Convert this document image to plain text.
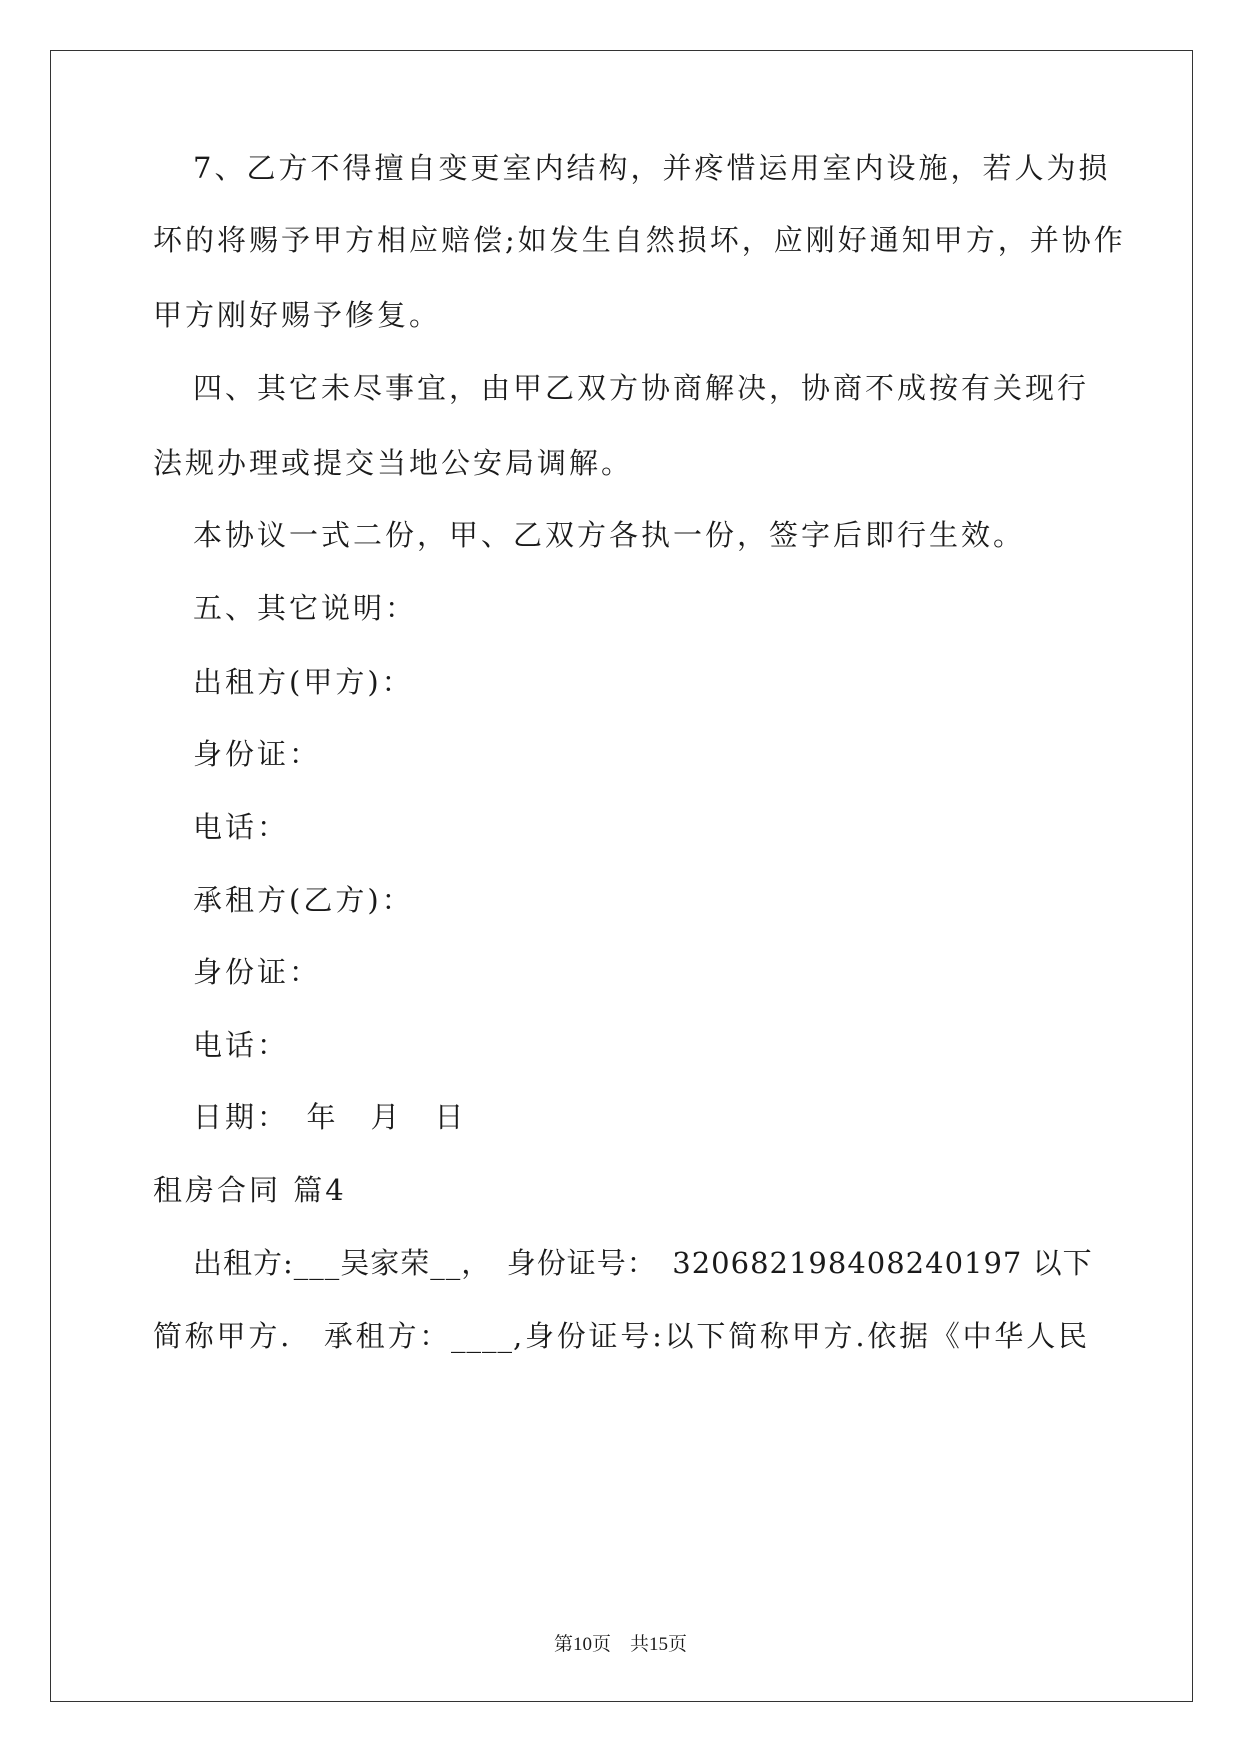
7、乙方不得擅自变更室内结构，并疼惜运用室内设施，若人为损
坏的将赐予甲方相应赔偿;如发生自然损坏，应刚好通知甲方，并协作
甲方刚好赐予修复。
四、其它未尽事宜，由甲乙双方协商解决，协商不成按有关现行
法规办理或提交当地公安局调解。
本协议一式二份，甲、乙双方各执一份，签字后即行生效。
五、其它说明：
出租方(甲方)：
身份证：
电话：
承租方(乙方)：
身份证：
电话：
日期：　年　月　日
租房合同 篇4
出租方:___吴家荣__，　身份证号：　320682198408240197 以下
简称甲方.　承租方：____,身份证号:以下简称甲方.依据《中华人民
第10页　共15页
